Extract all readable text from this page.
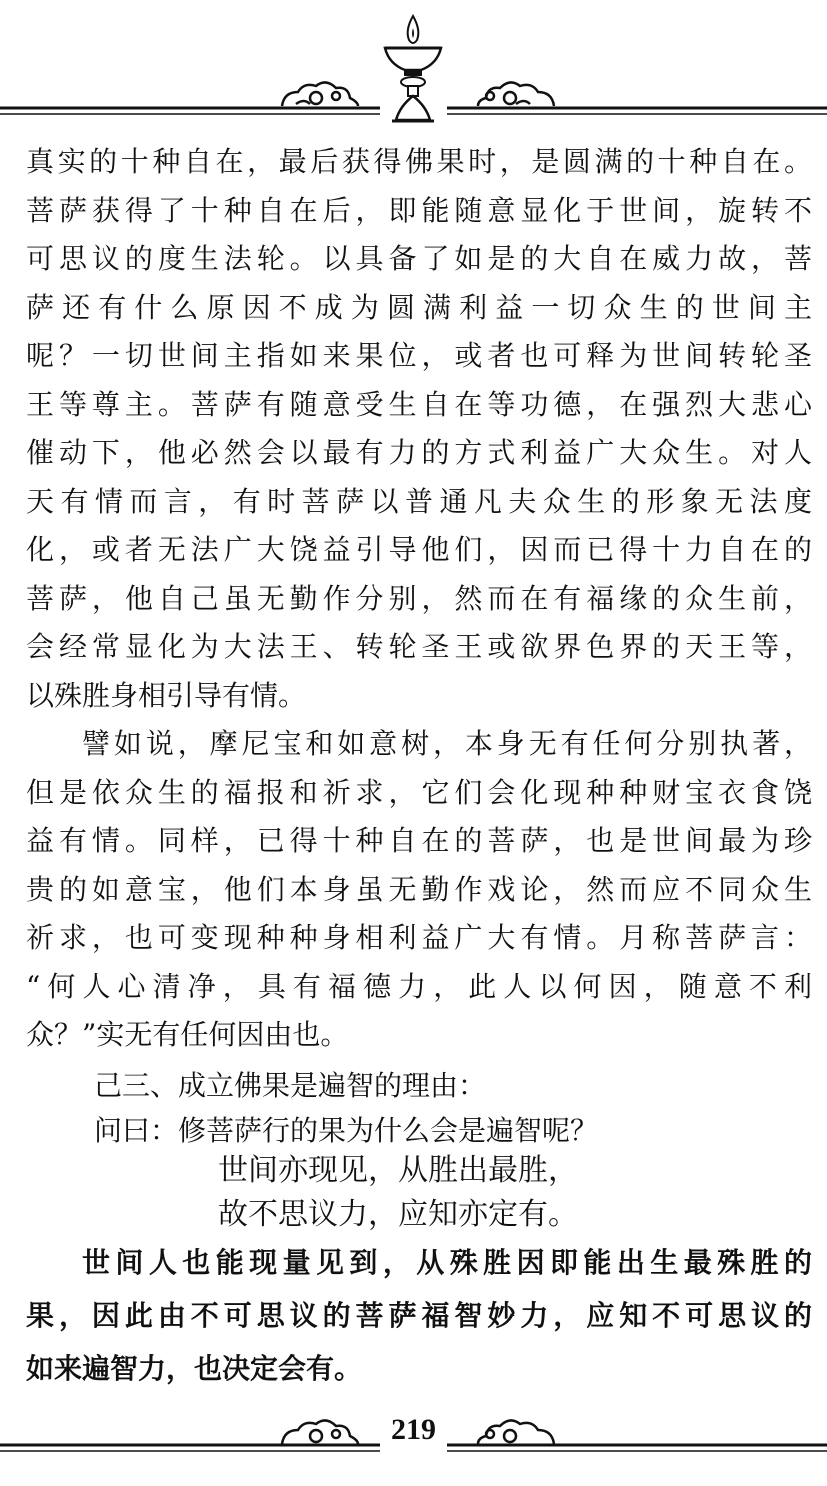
真实的十种自在，最后获得佛果时，是圆满的十种自在。
菩萨获得了十种自在后，即能随意显化于世间，旋转不
可思议的度生法轮。以具备了如是的大自在威力故，菩
萨还有什么原因不成为圆满利益一切众生的世间主
呢？一切世间主指如来果位，或者也可释为世间转轮圣
王等尊主。菩萨有随意受生自在等功德，在强烈大悲心
催动下，他必然会以最有力的方式利益广大众生。对人
天有情而言，有时菩萨以普通凡夫众生的形象无法度
化，或者无法广大饶益引导他们，因而已得十力自在的
菩萨，他自己虽无勤作分别，然而在有福缘的众生前，
会经常显化为大法王、转轮圣王或欲界色界的天王等，
以殊胜身相引导有情。
譬如说，摩尼宝和如意树，本身无有任何分别执著，
但是依众生的福报和祈求，它们会化现种种财宝衣食饶
益有情。同样，已得十种自在的菩萨，也是世间最为珍
贵的如意宝，他们本身虽无勤作戏论，然而应不同众生
祈求，也可变现种种身相利益广大有情。月称菩萨言：
“何人心清净，具有福德力，此人以何因，随意不利
众？”实无有任何因由也。
己三、成立佛果是遍智的理由：
问曰：修菩萨行的果为什么会是遍智呢？
世间亦现见，从胜出最胜，
故不思议力，应知亦定有。
世间人也能现量见到，从殊胜因即能出生最殊胜的
果，因此由不可思议的菩萨福智妙力，应知不可思议的
如来遍智力，也决定会有。
219
